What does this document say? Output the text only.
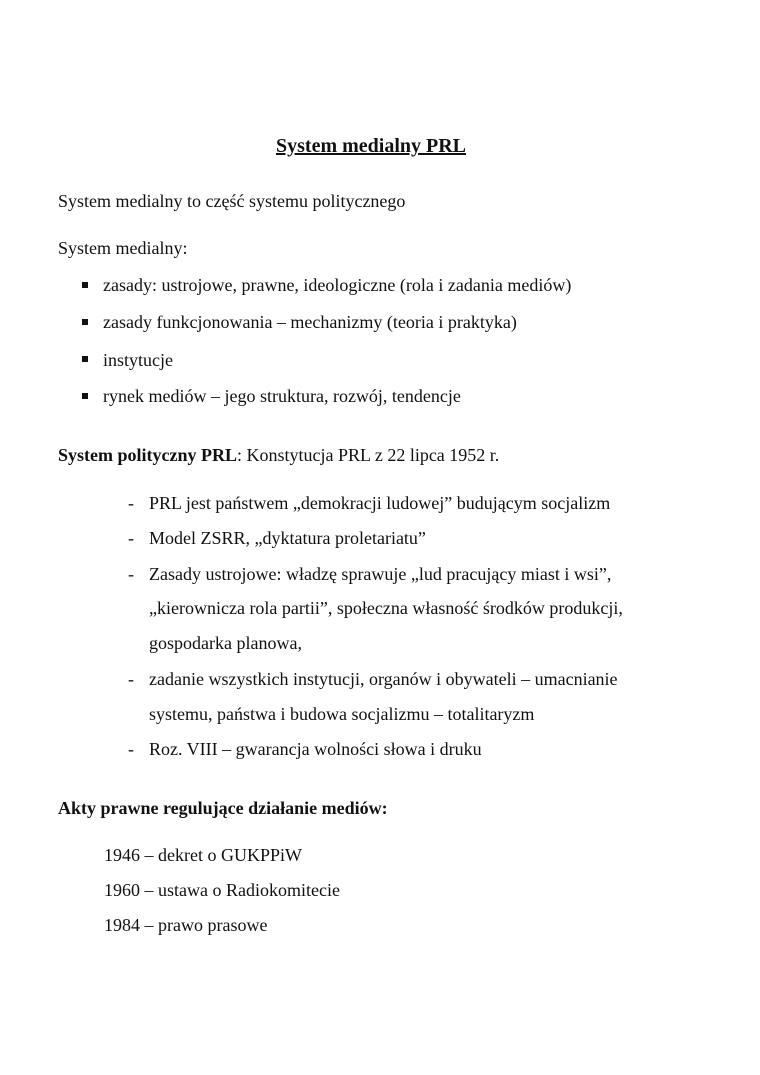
System medialny PRL
System medialny to część systemu politycznego
System medialny:
zasady: ustrojowe, prawne, ideologiczne (rola i zadania mediów)
zasady funkcjonowania – mechanizmy (teoria i praktyka)
instytucje
rynek mediów – jego struktura, rozwój, tendencje
System polityczny PRL: Konstytucja PRL z 22 lipca 1952 r.
- PRL jest państwem „demokracji ludowej” budującym socjalizm
- Model ZSRR, „dyktatura proletariatu”
- Zasady ustrojowe: władzę sprawuje „lud pracujący miast i wsi”,
„kierownicza rola partii”, społeczna własność środków produkcji,
gospodarka planowa,
- zadanie wszystkich instytucji, organów i obywateli – umacnianie
systemu, państwa i budowa socjalizmu – totalitaryzm
- Roz. VIII – gwarancja wolności słowa i druku
Akty prawne regulujące działanie mediów:
1946 – dekret o GUKPPiW
1960 – ustawa o Radiokomitecie
1984 – prawo prasowe
